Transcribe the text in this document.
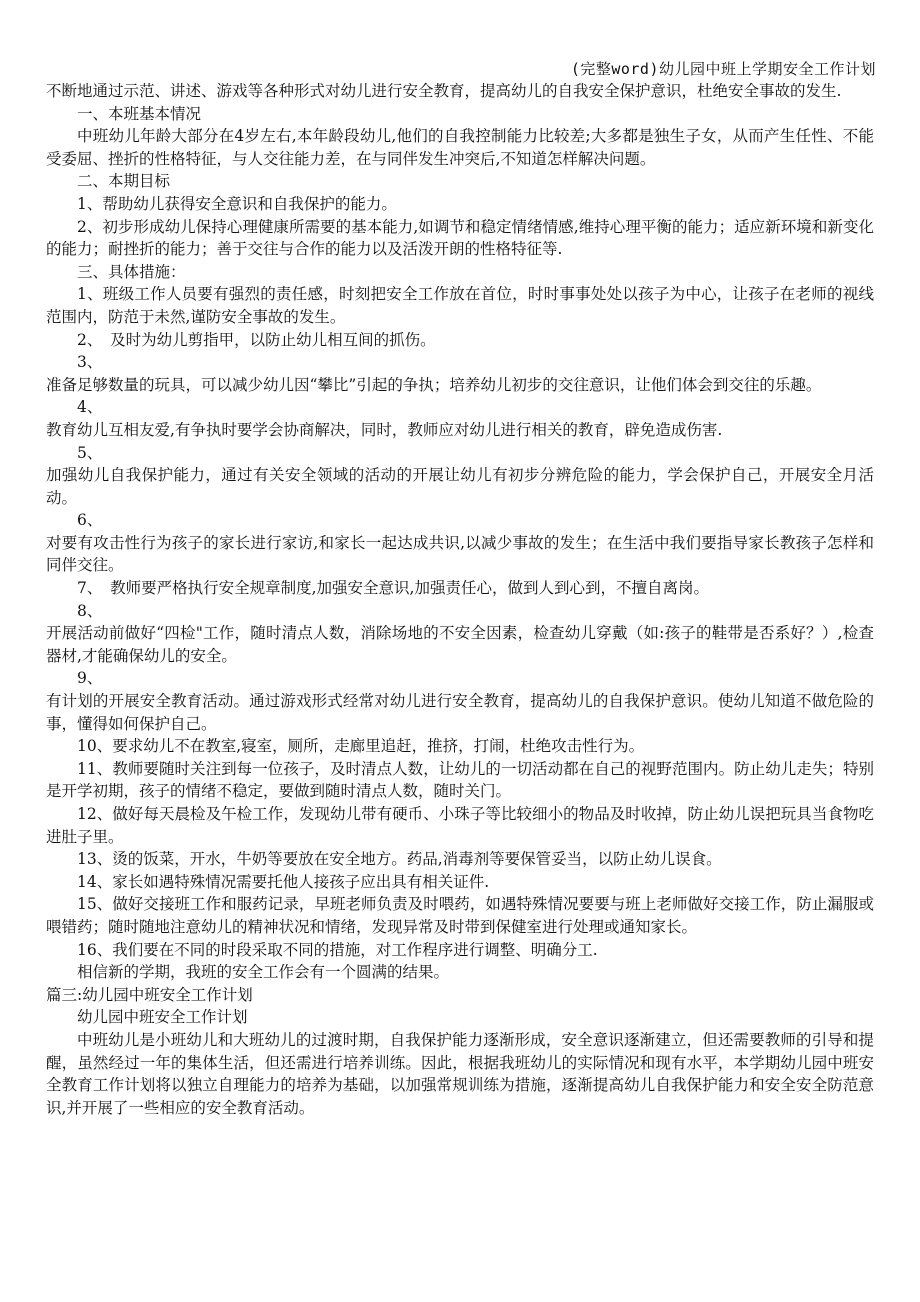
(完整word)幼儿园中班上学期安全工作计划

不断地通过示范、讲述、游戏等各种形式对幼儿进行安全教育，提高幼儿的自我安全保护意识，杜绝安全事故的发生.

一、本班基本情况

中班幼儿年龄大部分在4岁左右,本年龄段幼儿,他们的自我控制能力比较差;大多都是独生子女，从而产生任性、不能受委屈、挫折的性格特征，与人交往能力差，在与同伴发生冲突后,不知道怎样解决问题。

二、本期目标

1、帮助幼儿获得安全意识和自我保护的能力。

2、初步形成幼儿保持心理健康所需要的基本能力,如调节和稳定情绪情感,维持心理平衡的能力；适应新环境和新变化的能力；耐挫折的能力；善于交往与合作的能力以及活泼开朗的性格特征等.

三、具体措施：

1、班级工作人员要有强烈的责任感，时刻把安全工作放在首位，时时事事处处以孩子为中心，让孩子在老师的视线范围内，防范于未然,谨防安全事故的发生。

2、　及时为幼儿剪指甲，以防止幼儿相互间的抓伤。

3、

准备足够数量的玩具，可以减少幼儿因“攀比”引起的争执；培养幼儿初步的交往意识，让他们体会到交往的乐趣。

4、

教育幼儿互相友爱,有争执时要学会协商解决，同时，教师应对幼儿进行相关的教育，辟免造成伤害.

5、

加强幼儿自我保护能力，通过有关安全领域的活动的开展让幼儿有初步分辨危险的能力，学会保护自己，开展安全月活动。

6、

对要有攻击性行为孩子的家长进行家访,和家长一起达成共识,以减少事故的发生；在生活中我们要指导家长教孩子怎样和同伴交往。

7、　教师要严格执行安全规章制度,加强安全意识,加强责任心，做到人到心到，不擅自离岗。

8、

开展活动前做好“四检"工作，随时清点人数，消除场地的不安全因素，检查幼儿穿戴（如:孩子的鞋带是否系好？）,检查器材,才能确保幼儿的安全。

9、

有计划的开展安全教育活动。通过游戏形式经常对幼儿进行安全教育，提高幼儿的自我保护意识。使幼儿知道不做危险的事，懂得如何保护自己。

10、要求幼儿不在教室,寝室，厕所，走廊里追赶，推挤，打闹，杜绝攻击性行为。

11、教师要随时关注到每一位孩子，及时清点人数，让幼儿的一切活动都在自己的视野范围内。防止幼儿走失；特别是开学初期，孩子的情绪不稳定，要做到随时清点人数，随时关门。

12、做好每天晨检及午检工作，发现幼儿带有硬币、小珠子等比较细小的物品及时收掉，防止幼儿误把玩具当食物吃进肚子里。

13、烫的饭菜，开水，牛奶等要放在安全地方。药品,消毒剂等要保管妥当，以防止幼儿误食。

14、家长如遇特殊情况需要托他人接孩子应出具有相关证件.

15、做好交接班工作和服药记录，早班老师负责及时喂药，如遇特殊情况要要与班上老师做好交接工作，防止漏服或喂错药；随时随地注意幼儿的精神状况和情绪，发现异常及时带到保健室进行处理或通知家长。

16、我们要在不同的时段采取不同的措施，对工作程序进行调整、明确分工.

相信新的学期，我班的安全工作会有一个圆满的结果。

篇三:幼儿园中班安全工作计划

幼儿园中班安全工作计划

中班幼儿是小班幼儿和大班幼儿的过渡时期，自我保护能力逐渐形成，安全意识逐渐建立，但还需要教师的引导和提醒，虽然经过一年的集体生活，但还需进行培养训练。因此，根据我班幼儿的实际情况和现有水平，本学期幼儿园中班安全教育工作计划将以独立自理能力的培养为基础，以加强常规训练为措施，逐渐提高幼儿自我保护能力和安全安全防范意识,并开展了一些相应的安全教育活动。
